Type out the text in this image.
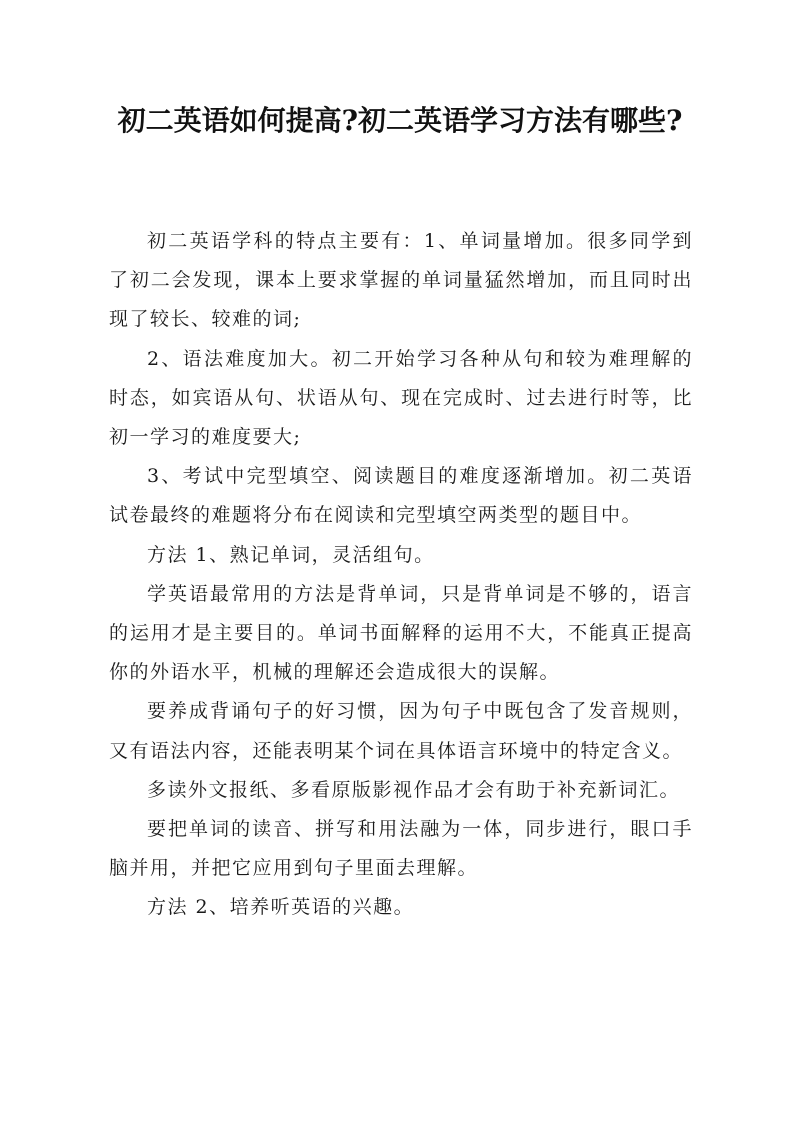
初二英语如何提高?初二英语学习方法有哪些?

初二英语学科的特点主要有：1、单词量增加。很多同学到了初二会发现，课本上要求掌握的单词量猛然增加，而且同时出现了较长、较难的词;

2、语法难度加大。初二开始学习各种从句和较为难理解的时态，如宾语从句、状语从句、现在完成时、过去进行时等，比初一学习的难度要大;

3、考试中完型填空、阅读题目的难度逐渐增加。初二英语试卷最终的难题将分布在阅读和完型填空两类型的题目中。

方法 1、熟记单词，灵活组句。

学英语最常用的方法是背单词，只是背单词是不够的，语言的运用才是主要目的。单词书面解释的运用不大，不能真正提高你的外语水平，机械的理解还会造成很大的误解。

要养成背诵句子的好习惯，因为句子中既包含了发音规则，又有语法内容，还能表明某个词在具体语言环境中的特定含义。

多读外文报纸、多看原版影视作品才会有助于补充新词汇。

要把单词的读音、拼写和用法融为一体，同步进行，眼口手脑并用，并把它应用到句子里面去理解。

方法 2、培养听英语的兴趣。
